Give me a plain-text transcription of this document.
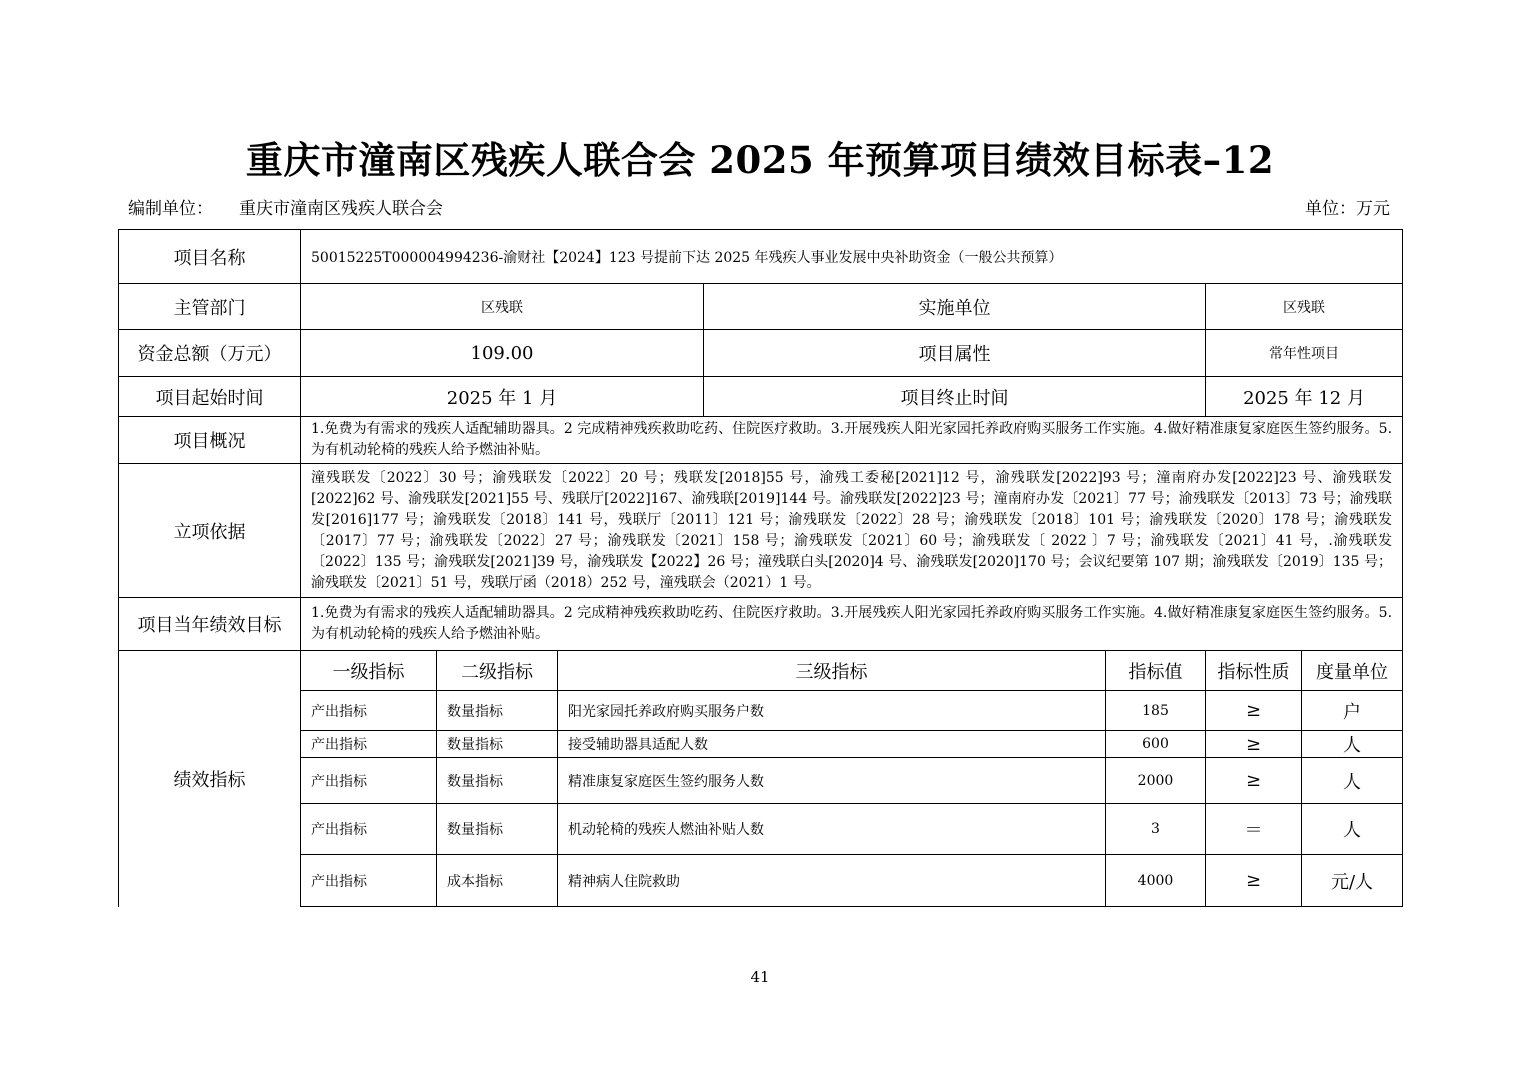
重庆市潼南区残疾人联合会 2025 年预算项目绩效目标表–12
编制单位： 重庆市潼南区残疾人联合会	单位：万元
项目名称	50015225T000004994236-渝财社【2024】123 号提前下达 2025 年残疾人事业发展中央补助资金（一般公共预算）						
主管部门	区残联			实施单位		区残联	
资金总额（万元）	109.00			项目属性		常年性项目	
项目起始时间	2025 年 1 月			项目终止时间		2025 年 12 月	
项目概况	1.免费为有需求的残疾人适配辅助器具。2 完成精神残疾救助吃药、住院医疗救助。3.开展残疾人阳光家园托养政府购买服务工作实施。4.做好精准康复家庭医生签约服务。5.为有机动轮椅的残疾人给予燃油补贴。						
立项依据	潼残联发〔2022〕30 号；渝残联发〔2022〕20 号；残联发[2018]55 号，渝残工委秘[2021]12 号，渝残联发[2022]93 号；潼南府办发[2022]23 号、渝残联发[2022]62 号、渝残联发[2021]55 号、残联厅[2022]167、渝残联[2019]144 号。渝残联发[2022]23 号；潼南府办发〔2021〕77 号；渝残联发〔2013〕73 号；渝残联发[2016]177 号；渝残联发〔2018〕141 号，残联厅〔2011〕121 号；渝残联发〔2022〕28 号；渝残联发〔2018〕101 号；渝残联发〔2020〕178 号；渝残联发〔2017〕77 号；渝残联发〔2022〕27 号；渝残联发〔2021〕158 号；渝残联发〔2021〕60 号；渝残联发〔 2022 〕7 号；渝残联发〔2021〕41 号，.渝残联发〔2022〕135 号；渝残联发[2021]39 号，渝残联发【2022】26 号；潼残联白头[2020]4 号、渝残联发[2020]170 号；会议纪要第 107 期；渝残联发〔2019〕135 号；渝残联发〔2021〕51 号，残联厅函（2018）252 号，潼残联会（2021）1 号。						
项目当年绩效目标	1.免费为有需求的残疾人适配辅助器具。2 完成精神残疾救助吃药、住院医疗救助。3.开展残疾人阳光家园托养政府购买服务工作实施。4.做好精准康复家庭医生签约服务。5.为有机动轮椅的残疾人给予燃油补贴。						
绩效指标	一级指标	二级指标	三级指标		指标值	指标性质	度量单位
	产出指标	数量指标	阳光家园托养政府购买服务户数		185	≥	户
	产出指标	数量指标	接受辅助器具适配人数		600	≥	人
	产出指标	数量指标	精准康复家庭医生签约服务人数		2000	≥	人
	产出指标	数量指标	机动轮椅的残疾人燃油补贴人数		3	＝	人
	产出指标	成本指标	精神病人住院救助		4000	≥	元/人
41
